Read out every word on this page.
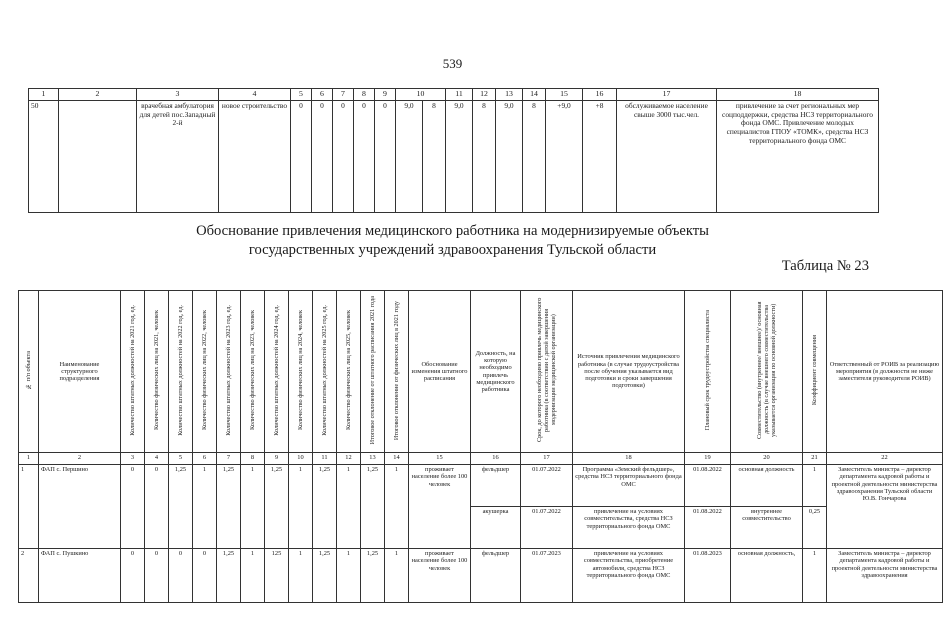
539
1	2	3	4	5	6	7	8	9	10		11	12	13	14	15	16	17	18
50		врачебная амбулатория для детей пос.Западный 2-й	новое строительство	0	0	0	0	0	9,0	8	9,0	8	9,0	8	+9,0	+8	обслуживаемое население свыше 3000 тыс.чел.	привлечение за счет региональных мер соцподдержки, средства НСЗ территориального фонда ОМС. Привлечение молодых специалистов ГПОУ «ТОМК», средства НСЗ территориального фонда ОМС
Обоснование привлечения медицинского работника на модернизируемые объекты
государственных учреждений здравоохранения Тульской области
Таблица № 23
№ п/п объекта	Наименование структурного подразделения	Количество штатных должностей на 2021 год, ед.	Количество физических лиц на 2021, человек	Количество штатных должностей на 2022 год, ед.	Количество физических лиц на 2022, человек	Количество штатных должностей на 2023 год, ед.	Количество физических лиц на 2023, человек	Количество штатных должностей на 2024 год, ед.	Количество физических лиц на 2024, человек	Количество штатных должностей на 2025 год, ед.	Количество физических лиц на 2025, человек	Итоговое отклонение от штатного расписания 2021 года	Итоговое отклонение от физических лиц в 2021 году	Обоснование изменения штатного расписания	Должность, на которую необходимо привлечь медицинского работника	Срок, до которого необходимо привлечь медицинского работника (в соответствии с датой завершения модернизации медицинской организации)	Источник привлечения медицинского работника (в случае трудоустройства после обучения указывается вид подготовки и сроки завершения подготовки)	Плановый срок трудоустройства специалиста	Совместительство (внутреннее/ внешнее)/ основная должность (в случае внешнего совместительства указывается организация по основной должности)	Коэффициент совмещения	Ответственный от РОИВ за реализацию мероприятия (в должности не ниже заместителя руководителя РОИВ)
1	2	3	4	5	6	7	8	9	10	11	12	13	14	15	16	17	18	19	20	21	22
1	ФАП с. Першино	0	0	1,25	1	1,25	1	1,25	1	1,25	1	1,25	1	проживает население более 100 человек	фельдшер	01.07.2022	Программа «Земский фельдшер», средства НСЗ территориального фонда ОМС	01.08.2022	основная должность	1	Заместитель министра – директор департамента кадровой работы и проектной деятельности министерства здравоохранения Тульской области Ю.В. Гончарова
															акушерка	01.07.2022	привлечение на условиях совместительства, средства НСЗ территориального фонда ОМС	01.08.2022	внутреннее совместительство	0,25	
2	ФАП с. Пушкино	0	0	0	0	1,25	1	125	1	1,25	1	1,25	1	проживает население более 100 человек	фельдшер	01.07.2023	привлечение на условиях совместительства, приобретение автомобиля, средства НСЗ территориального фонда ОМС	01.08.2023	основная должность,	1	Заместитель министра – директор департамента кадровой работы и проектной деятельности министерства здравоохранения
